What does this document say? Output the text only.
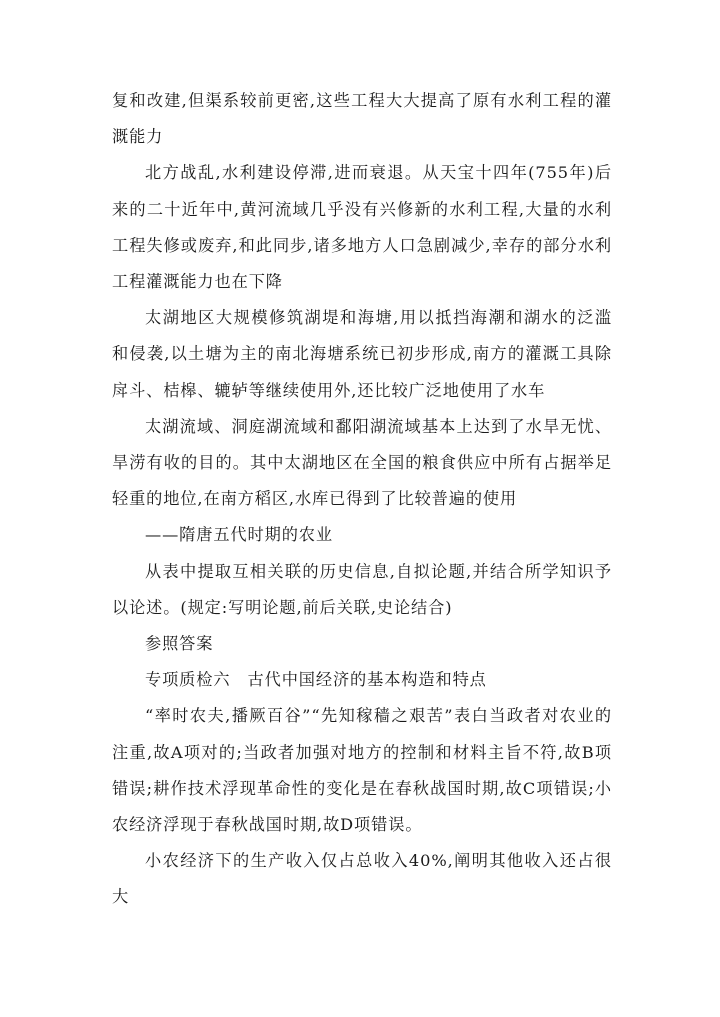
复和改建,但渠系较前更密,这些工程大大提高了原有水利工程的灌溉能力

北方战乱,水利建设停滞,进而衰退。从天宝十四年(755年)后来的二十近年中,黄河流域几乎没有兴修新的水利工程,大量的水利工程失修或废弃,和此同步,诸多地方人口急剧减少,幸存的部分水利工程灌溉能力也在下降

太湖地区大规模修筑湖堤和海塘,用以抵挡海潮和湖水的泛滥和侵袭,以土塘为主的南北海塘系统已初步形成,南方的灌溉工具除戽斗、桔槔、辘轳等继续使用外,还比较广泛地使用了水车

太湖流域、洞庭湖流域和鄱阳湖流域基本上达到了水旱无忧、旱涝有收的目的。其中太湖地区在全国的粮食供应中所有占据举足轻重的地位,在南方稻区,水库已得到了比较普遍的使用

——隋唐五代时期的农业

从表中提取互相关联的历史信息,自拟论题,并结合所学知识予以论述。(规定:写明论题,前后关联,史论结合)

参照答案

专项质检六　古代中国经济的基本构造和特点

“率时农夫,播厥百谷”“先知稼穑之艰苦”表白当政者对农业的注重,故A项对的;当政者加强对地方的控制和材料主旨不符,故B项错误;耕作技术浮现革命性的变化是在春秋战国时期,故C项错误;小农经济浮现于春秋战国时期,故D项错误。

小农经济下的生产收入仅占总收入40%,阐明其他收入还占很大
